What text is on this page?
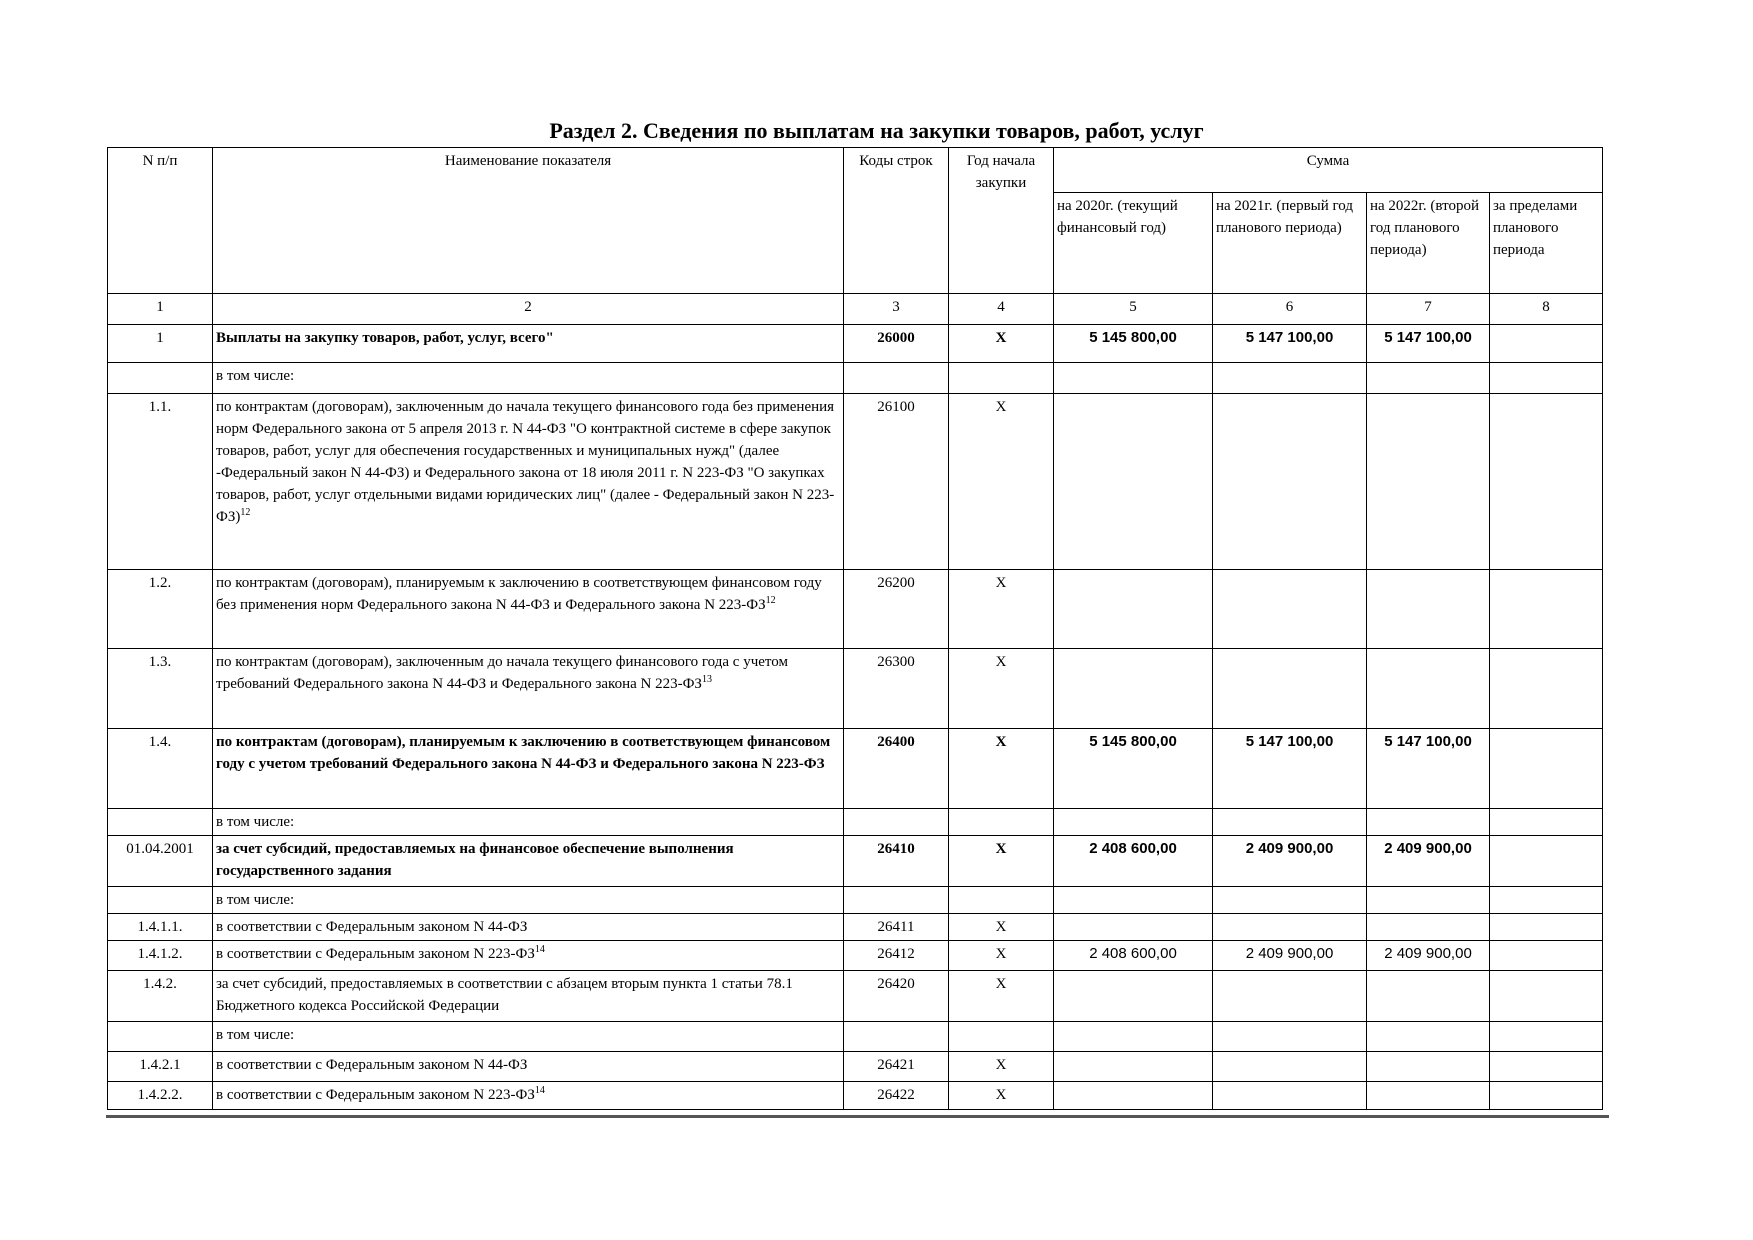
Раздел 2. Сведения по выплатам на закупки товаров, работ, услуг
N п/п	Наименование показателя	Коды строк	Год начала закупки	Сумма			
				на 2020г. (текущий финансовый год)	на 2021г. (первый год планового периода)	на 2022г. (второй год планового периода)	за пределами планового периода
1	2	3	4	5	6	7	8
1	Выплаты на закупку товаров, работ, услуг, всего"	26000	X	5 145 800,00	5 147 100,00	5 147 100,00	
	в том числе:						
1.1.	по контрактам (договорам), заключенным до начала текущего финансового года без применения норм Федерального закона от 5 апреля 2013 г. N 44-ФЗ "О контрактной системе в сфере закупок товаров, работ, услуг для обеспечения государственных и муниципальных нужд" (далее -Федеральный закон N 44-ФЗ) и Федерального закона от 18 июля 2011 г. N 223-ФЗ "О закупках товаров, работ, услуг отдельными видами юридических лиц" (далее - Федеральный закон N 223-ФЗ)$^{12}$	26100	X				
1.2.	по контрактам (договорам), планируемым к заключению в соответствующем финансовом году без применения норм Федерального закона N 44-ФЗ и Федерального закона N 223-ФЗ$^{12}$	26200	X				
1.3.	по контрактам (договорам), заключенным до начала текущего финансового года с учетом требований Федерального закона N 44-ФЗ и Федерального закона N 223-ФЗ$^{13}$	26300	X				
1.4.	по контрактам (договорам), планируемым к заключению в соответствующем финансовом году с учетом требований Федерального закона N 44-ФЗ и Федерального закона N 223-ФЗ	26400	X	5 145 800,00	5 147 100,00	5 147 100,00	
	в том числе:						
01.04.2001	за счет субсидий, предоставляемых на финансовое обеспечение выполнения государственного задания	26410	X	2 408 600,00	2 409 900,00	2 409 900,00	
	в том числе:						
1.4.1.1.	в соответствии с Федеральным законом N 44-ФЗ	26411	X				
1.4.1.2.	в соответствии с Федеральным законом N 223-ФЗ$^{14}$	26412	X	2 408 600,00	2 409 900,00	2 409 900,00	
1.4.2.	за счет субсидий, предоставляемых в соответствии с абзацем вторым пункта 1 статьи 78.1 Бюджетного кодекса Российской Федерации	26420	X				
	в том числе:						
1.4.2.1	в соответствии с Федеральным законом N 44-ФЗ	26421	X				
1.4.2.2.	в соответствии с Федеральным законом N 223-ФЗ$^{14}$	26422	X				
